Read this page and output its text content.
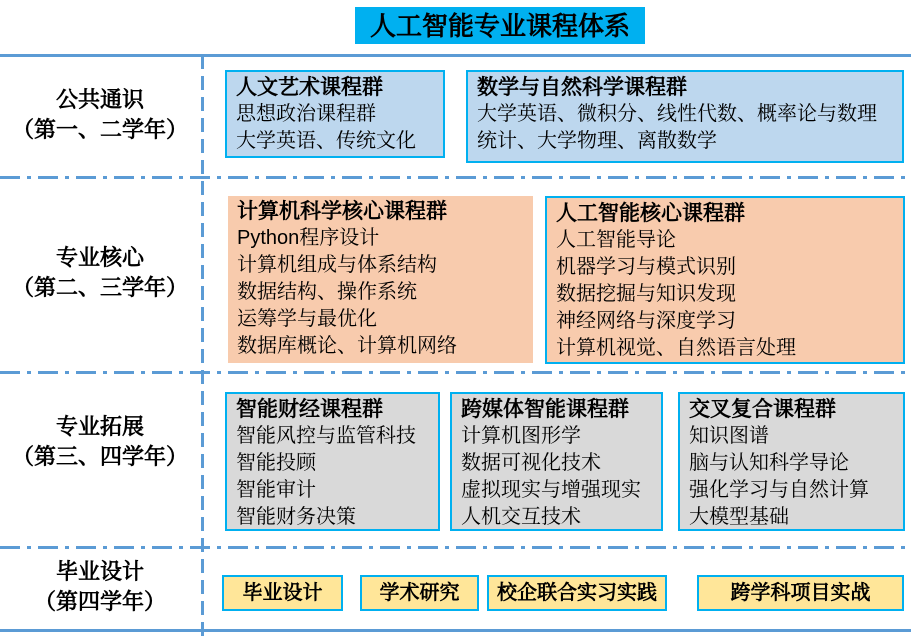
人工智能专业课程体系
公共通识
（第一、二学年）
专业核心
（第二、三学年）
专业拓展
（第三、四学年）
毕业设计
（第四学年）
人文艺术课程群
思想政治课程群
大学英语、传统文化
数学与自然科学课程群
大学英语、微积分、线性代数、概率论与数理统计、大学物理、离散数学
计算机科学核心课程群
Python程序设计
计算机组成与体系结构
数据结构、操作系统
运筹学与最优化
数据库概论、计算机网络
人工智能核心课程群
人工智能导论
机器学习与模式识别
数据挖掘与知识发现
神经网络与深度学习
计算机视觉、自然语言处理
智能财经课程群
智能风控与监管科技
智能投顾
智能审计
智能财务决策
跨媒体智能课程群
计算机图形学
数据可视化技术
虚拟现实与增强现实
人机交互技术
交叉复合课程群
知识图谱
脑与认知科学导论
强化学习与自然计算
大模型基础
毕业设计	学术研究	校企联合实习实践	跨学科项目实战
